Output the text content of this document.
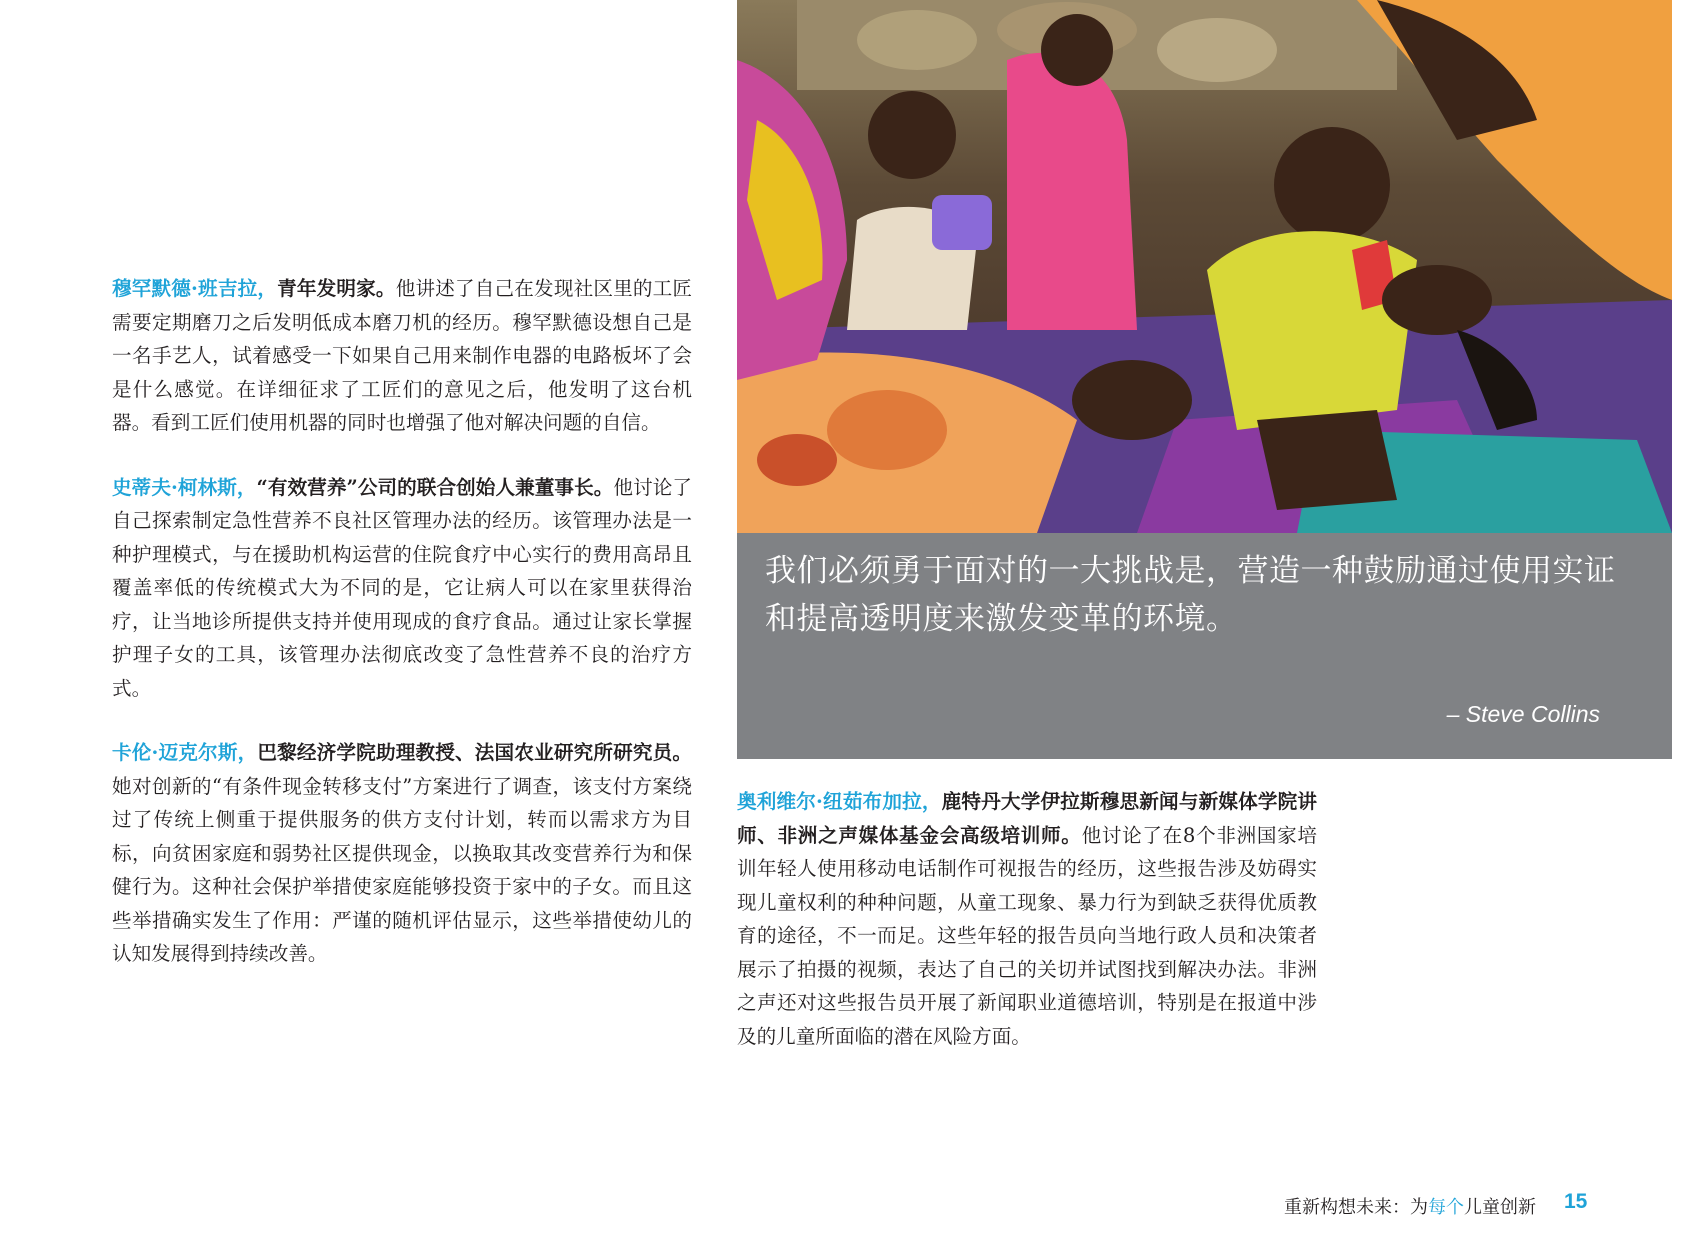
穆罕默德·班吉拉，青年发明家。他讲述了自己在发现社区里的工匠需要定期磨刀之后发明低成本磨刀机的经历。穆罕默德设想自己是一名手艺人，试着感受一下如果自己用来制作电器的电路板坏了会是什么感觉。在详细征求了工匠们的意见之后，他发明了这台机器。看到工匠们使用机器的同时也增强了他对解决问题的自信。

史蒂夫·柯林斯，“有效营养”公司的联合创始人兼董事长。他讨论了自己探索制定急性营养不良社区管理办法的经历。该管理办法是一种护理模式，与在援助机构运营的住院食疗中心实行的费用高昂且覆盖率低的传统模式大为不同的是，它让病人可以在家里获得治疗，让当地诊所提供支持并使用现成的食疗食品。通过让家长掌握护理子女的工具，该管理办法彻底改变了急性营养不良的治疗方式。

卡伦·迈克尔斯，巴黎经济学院助理教授、法国农业研究所研究员。她对创新的“有条件现金转移支付”方案进行了调查，该支付方案绕过了传统上侧重于提供服务的供方支付计划，转而以需求方为目标，向贫困家庭和弱势社区提供现金，以换取其改变营养行为和保健行为。这种社会保护举措使家庭能够投资于家中的子女。而且这些举措确实发生了作用：严谨的随机评估显示，这些举措使幼儿的认知发展得到持续改善。

我们必须勇于面对的一大挑战是，营造一种鼓励通过使用实证和提高透明度来激发变革的环境。

– Steve Collins

奥利维尔·纽茹布加拉，鹿特丹大学伊拉斯穆思新闻与新媒体学院讲师、非洲之声媒体基金会高级培训师。他讨论了在8个非洲国家培训年轻人使用移动电话制作可视报告的经历，这些报告涉及妨碍实现儿童权利的种种问题，从童工现象、暴力行为到缺乏获得优质教育的途径，不一而足。这些年轻的报告员向当地行政人员和决策者展示了拍摄的视频，表达了自己的关切并试图找到解决办法。非洲之声还对这些报告员开展了新闻职业道德培训，特别是在报道中涉及的儿童所面临的潜在风险方面。

重新构想未来：为每个儿童创新 15
